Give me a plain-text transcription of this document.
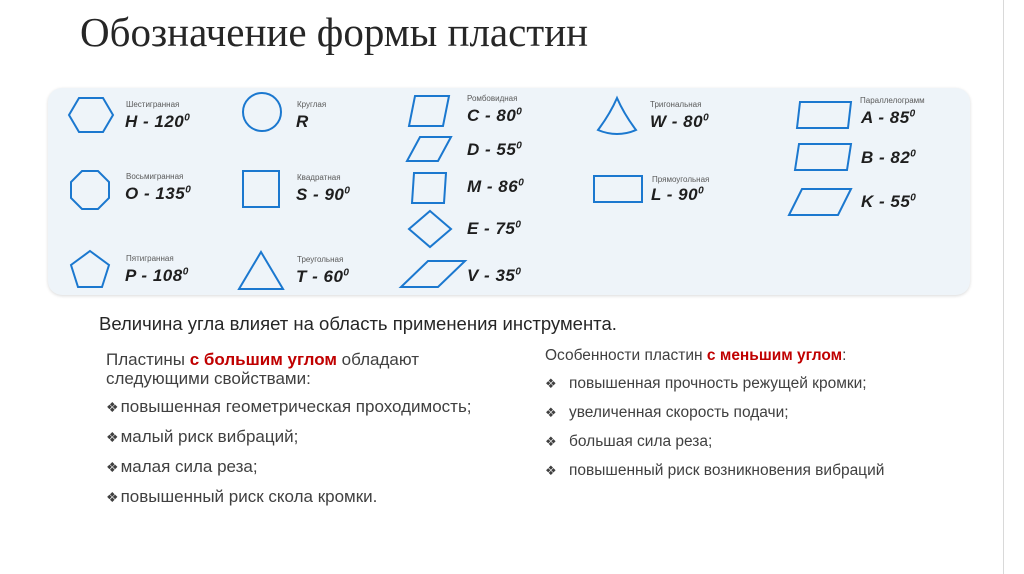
Обозначение формы пластин
Шестигранная
H - $120^0$
Восьмигранная
O - $135^0$
Пятигранная
P - $108^0$
Круглая
R
Квадратная
S - $90^0$
Треугольная
T - $60^0$
Ромбовидная
C - $80^0$
D - $55^0$
M - $86^0$
E - $75^0$
V - $35^0$
Тригональная
W - $80^0$
Прямоугольная
L - $90^0$
Параллелограмм
A - $85^0$
B - $82^0$
K - $55^0$
Величина угла влияет на область применения инструмента.
Пластины с большим углом обладают следующими свойствами:
❖ повышенная геометрическая проходимость;
❖ малый риск вибраций;
❖ малая сила реза;
❖ повышенный риск скола кромки.
Особенности пластин с меньшим углом:
❖ повышенная прочность режущей кромки;
❖ увеличенная скорость подачи;
❖ большая сила реза;
❖ повышенный риск возникновения вибраций
